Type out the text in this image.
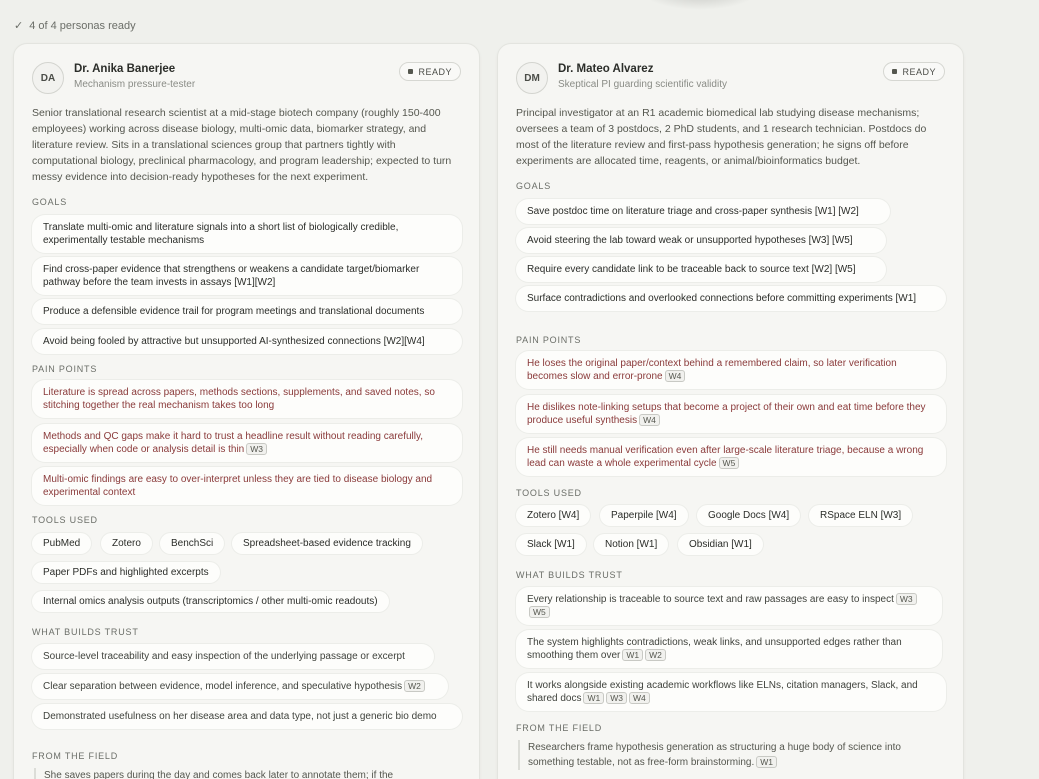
✓ 4 of 4 personas ready
DA
Dr. Anika Banerjee
Mechanism pressure-tester
READY
Senior translational research scientist at a mid-stage biotech company (roughly 150-400 employees) working across disease biology, multi-omic data, biomarker strategy, and literature review. Sits in a translational sciences group that partners tightly with computational biology, preclinical pharmacology, and program leadership; expected to turn messy evidence into decision-ready hypotheses for the next experiment.
GOALS
Translate multi-omic and literature signals into a short list of biologically credible, experimentally testable mechanisms
Find cross-paper evidence that strengthens or weakens a candidate target/biomarker pathway before the team invests in assays [W1][W2]
Produce a defensible evidence trail for program meetings and translational documents
Avoid being fooled by attractive but unsupported AI-synthesized connections [W2][W4]
PAIN POINTS
Literature is spread across papers, methods sections, supplements, and saved notes, so stitching together the real mechanism takes too long
Methods and QC gaps make it hard to trust a headline result without reading carefully, especially when code or analysis detail is thin W3
Multi-omic findings are easy to over-interpret unless they are tied to disease biology and experimental context
TOOLS USED
PubMed	Zotero	BenchSci	Spreadsheet-based evidence tracking
Paper PDFs and highlighted excerpts
Internal omics analysis outputs (transcriptomics / other multi-omic readouts)
WHAT BUILDS TRUST
Source-level traceability and easy inspection of the underlying passage or excerpt
Clear separation between evidence, model inference, and speculative hypothesis W2
Demonstrated usefulness on her disease area and data type, not just a generic bio demo
FROM THE FIELD
She saves papers during the day and comes back later to annotate them; if the
DM
Dr. Mateo Alvarez
Skeptical PI guarding scientific validity
READY
Principal investigator at an R1 academic biomedical lab studying disease mechanisms; oversees a team of 3 postdocs, 2 PhD students, and 1 research technician. Postdocs do most of the literature review and first-pass hypothesis generation; he signs off before experiments are allocated time, reagents, or animal/bioinformatics budget.
GOALS
Save postdoc time on literature triage and cross-paper synthesis [W1] [W2]
Avoid steering the lab toward weak or unsupported hypotheses [W3] [W5]
Require every candidate link to be traceable back to source text [W2] [W5]
Surface contradictions and overlooked connections before committing experiments [W1]
PAIN POINTS
He loses the original paper/context behind a remembered claim, so later verification becomes slow and error-prone W4
He dislikes note-linking setups that become a project of their own and eat time before they produce useful synthesis W4
He still needs manual verification even after large-scale literature triage, because a wrong lead can waste a whole experimental cycle W5
TOOLS USED
Zotero [W4]	Paperpile [W4]	Google Docs [W4]	RSpace ELN [W3]
Slack [W1]	Notion [W1]	Obsidian [W1]
WHAT BUILDS TRUST
Every relationship is traceable to source text and raw passages are easy to inspect W3W5
The system highlights contradictions, weak links, and unsupported edges rather than smoothing them over W1 W2
It works alongside existing academic workflows like ELNs, citation managers, Slack, and shared docs W1 W3 W4
FROM THE FIELD
Researchers frame hypothesis generation as structuring a huge body of science into something testable, not as free-form brainstorming. W1
